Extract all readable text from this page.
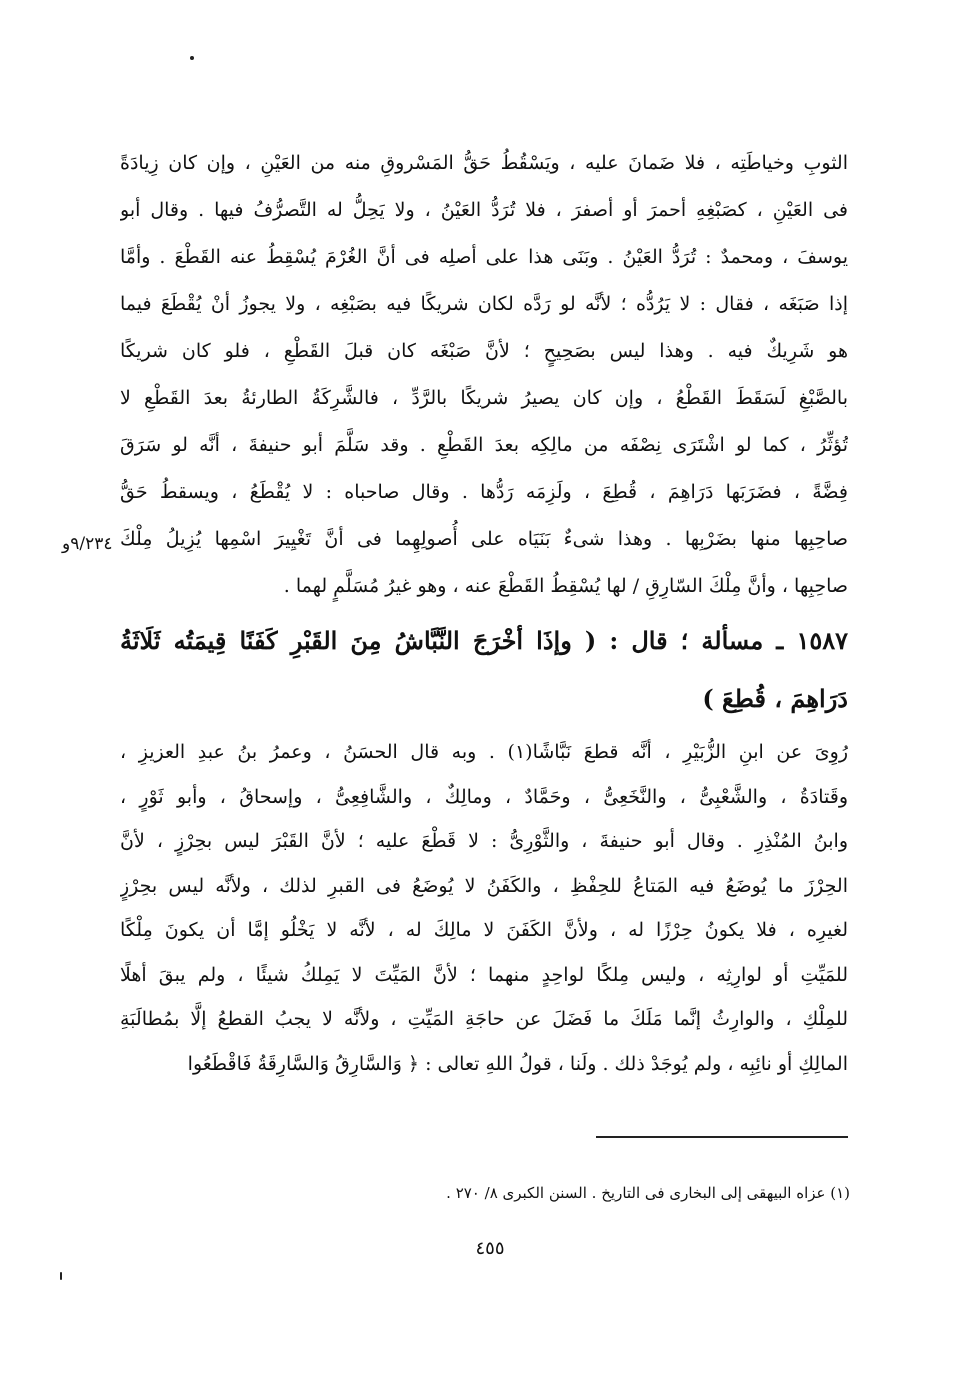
الثوبِ وخياطَتِه ، فلا ضَمانَ عليه ، ويَسْقُطُ حَقُّ المَسْروقِ منه من العَيْنِ ، وإن كان زِيادَةً
فى العَيْنِ ، كصَبْغِهِ أحمرَ أو أصفرَ ، فلا تُرَدُّ العَيْنُ ، ولا يَحِلُّ له التَّصرُّفُ فيها . وقال أبو
يوسفَ ، ومحمدٌ : تُرَدُّ العَيْنُ . وبَنَى هذا على أصلِه فى أنَّ الغُرْمَ يُسْقِطُ عنه القَطْعَ . وأمَّا
إذا صَبَغَه ، فقال : لا يَرُدُّه ؛ لأنَّه لو رَدَّه لكان شريكًا فيه بصَبْغِه ، ولا يجوزُ أنْ يُقْطَعَ فيما
هو شَرِيكٌ فيه . وهذا ليس بصَحِيحٍ ؛ لأنَّ صَبْغَه كان قبلَ القَطْعِ ، فلو كان شريكًا
بالصَّبْغِ لَسَقَطَ القَطْعُ ، وإن كان يصيرُ شريكًا بالرَّدِّ ، فالشَّرِكَةُ الطارئةُ بعدَ القَطْعِ لا
تُؤثِّرُ ، كما لو اشْتَرَى نِصْفَه من مالِكِه بعدَ القَطْعِ . وقد سَلَّمَ أبو حنيفةَ ، أنَّه لو سَرَقَ
فِضَّةً ، فضَرَبَها دَرَاهِمَ ، قُطِعَ ، ولَزِمَه رَدُّها . وقال صاحباه : لا يُقْطَعُ ، ويسقطُ حَقُّ
صاحِبِها منها بضَرْبِها . وهذا شىءٌ بَنَيَاه على أُصولِهِما فى أنَّ تَغْيِيرَ اسْمِها يُزِيلُ مِلْكَ
صاحِبِها ، وأنَّ مِلْكَ السّارِقِ / لها يُسْقِطُ القَطْعَ عنه ، وهو غيرُ مُسَلَّمٍ لهما .
٩/٢٣٤و
١٥٨٧ ـ مسألة ؛ قال : ( وإذَا أخْرَجَ النَّبَّاشُ مِنَ القَبْرِ كَفَنًا قِيمَتُه ثَلَاثَةُ
دَرَاهِمَ ، قُطِعَ )
رُوِىَ عن ابنِ الزُّبَيْرِ ، أنَّه قطعَ نَبَّاشًا(١) . وبه قال الحسَنُ ، وعمرُ بنُ عبدِ العزيزِ ،
وقَتادَةُ ، والشَّعْبِىُّ ، والنَّخَعِىُّ ، وحَمَّادٌ ، ومالِكٌ ، والشَّافِعِىُّ ، وإسحاقُ ، وأبو ثَوْرٍ ،
وابنُ المُنْذِرِ . وقال أبو حنيفةَ ، والثَّوْرِىُّ : لا قَطْعَ عليه ؛ لأنَّ القَبْرَ ليس بحِرْزٍ ، لأنَّ
الحِرْزَ ما يُوضَعُ فيه المَتاعُ للحِفْظِ ، والكَفَنُ لا يُوضَعُ فى القبرِ لذلك ، ولأنَّه ليس بحِرْزٍ
لغيرِه ، فلا يكونُ حِرْزًا له ، ولأنَّ الكَفَنَ لا مالِكَ له ، لأنَّه لا يَخْلُو إمَّا أن يكونَ مِلْكًا
للمَيِّتِ أو لوارِثِه ، وليس مِلكًا لواحِدٍ منهما ؛ لأنَّ المَيِّتَ لا يَمِلكُ شيئًا ، ولم يبقَ أهلًا
للمِلْكِ ، والوارِثُ إنَّما مَلَكَ ما فَضَلَ عن حاجَةِ المَيِّتِ ، ولأنَّه لا يجبُ القطعُ إلَّا بمُطالَبَةِ
المالِكِ أو نائِبِه ، ولم يُوجَدْ ذلك . ولَنا ، قولُ اللهِ تعالى : ﴿ وَالسَّارِقُ وَالسَّارِقَةُ فَاقْطَعُوا
(١) عزاه البيهقى إلى البخارى فى التاريخ . السنن الكبرى ٨/ ٢٧٠ .
٤٥٥
